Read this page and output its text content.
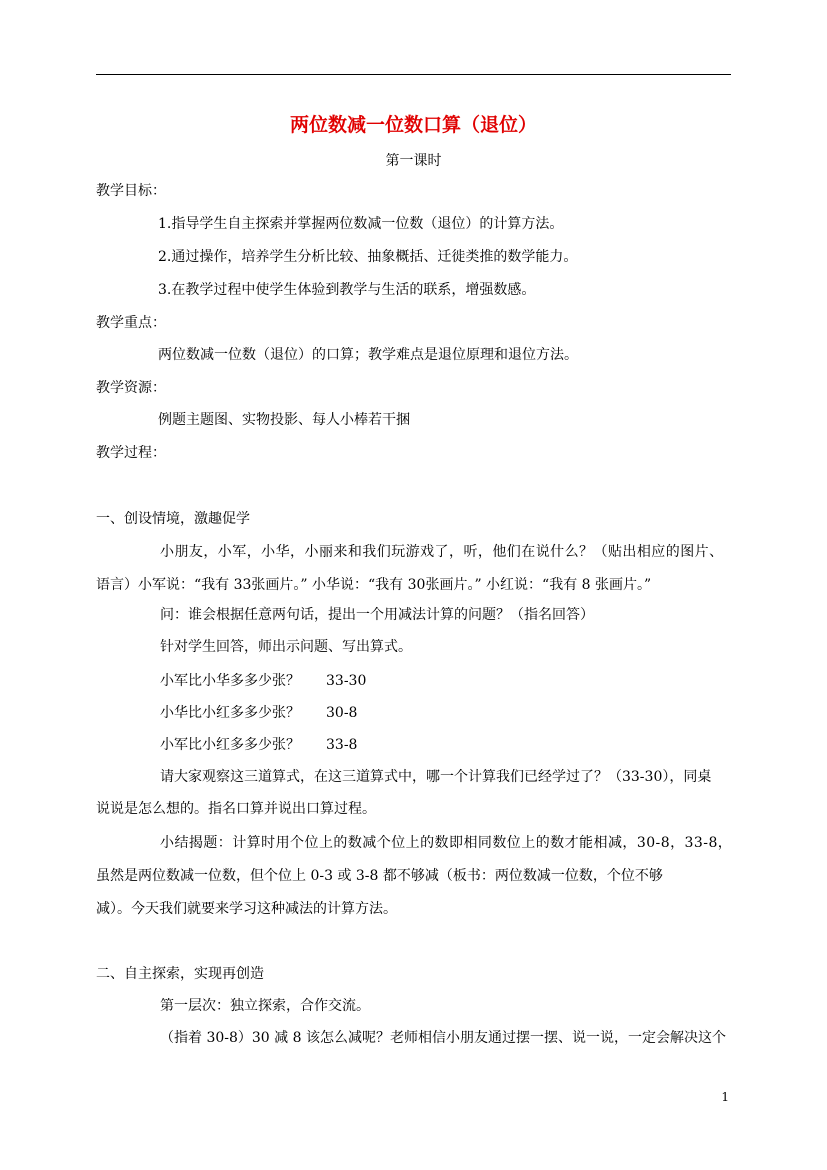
两位数减一位数口算（退位）
第一课时
教学目标：
1.指导学生自主探索并掌握两位数减一位数（退位）的计算方法。
2.通过操作，培养学生分析比较、抽象概括、迁徙类推的数学能力。
3.在教学过程中使学生体验到教学与生活的联系，增强数感。
教学重点：
两位数减一位数（退位）的口算；教学难点是退位原理和退位方法。
教学资源：
例题主题图、实物投影、每人小棒若干捆
教学过程：
一、创设情境，激趣促学
小朋友，小军，小华，小丽来和我们玩游戏了，听，他们在说什么？（贴出相应的图片、
语言）小军说：“我有 33张画片。” 小华说：“我有 30张画片。” 小红说：“我有 8 张画片。”
问：谁会根据任意两句话，提出一个用减法计算的问题？（指名回答）
针对学生回答，师出示问题、写出算式。
小军比小华多多少张？ 33-30
小华比小红多多少张？ 30-8
小军比小红多多少张？ 33-8
请大家观察这三道算式，在这三道算式中，哪一个计算我们已经学过了？（33-30），同桌
说说是怎么想的。指名口算并说出口算过程。
小结揭题：计算时用个位上的数减个位上的数即相同数位上的数才能相减，30-8，33-8，
虽然是两位数减一位数，但个位上 0-3 或 3-8 都不够减（板书：两位数减一位数，个位不够
减）。今天我们就要来学习这种减法的计算方法。
二、自主探索，实现再创造
第一层次：独立探索，合作交流。
（指着 30-8）30 减 8 该怎么减呢？老师相信小朋友通过摆一摆、说一说，一定会解决这个
1
